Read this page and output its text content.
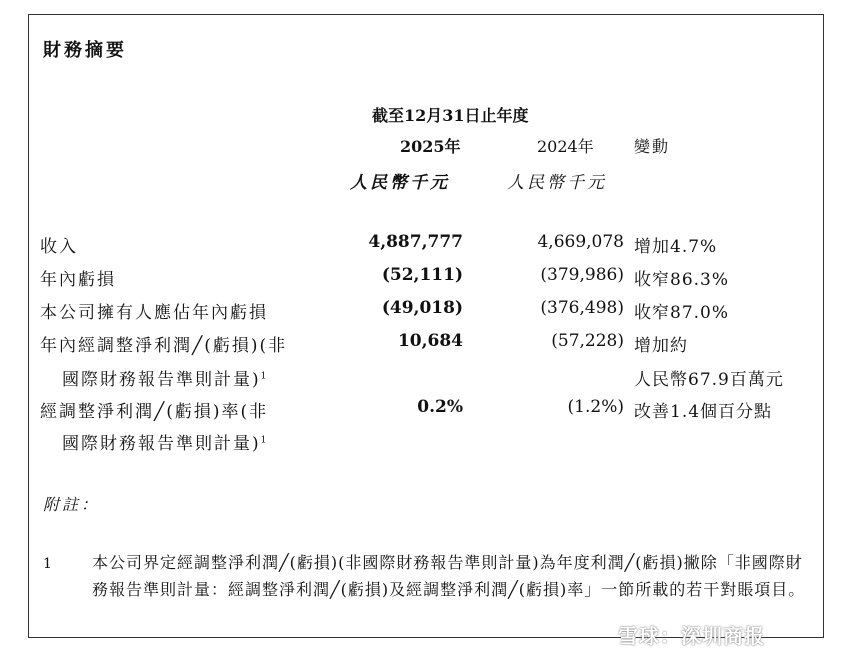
財務摘要
截至12月31日止年度
2025年	2024年	變動
人民幣千元	人民幣千元
收入	4,887,777	4,669,078 增加4.7%
年內虧損	(52,111)	(379,986) 收窄86.3%
本公司擁有人應佔年內虧損	(49,018)	(376,498) 收窄87.0%
年內經調整淨利潤╱(虧損)(非	10,684	(57,228) 增加約
國際財務報告準則計量)$^1$	人民幣67.9百萬元
經調整淨利潤╱(虧損)率(非	0.2%	(1.2%) 改善1.4個百分點
國際財務報告準則計量)$^1$
附註：
1	本公司界定經調整淨利潤╱(虧損)(非國際財務報告準則計量)為年度利潤╱(虧損)撇除「非國際財務報告準則計量：經調整淨利潤╱(虧損)及經調整淨利潤╱(虧損)率」一節所載的若干對賬項目。
雪球：深圳商报
